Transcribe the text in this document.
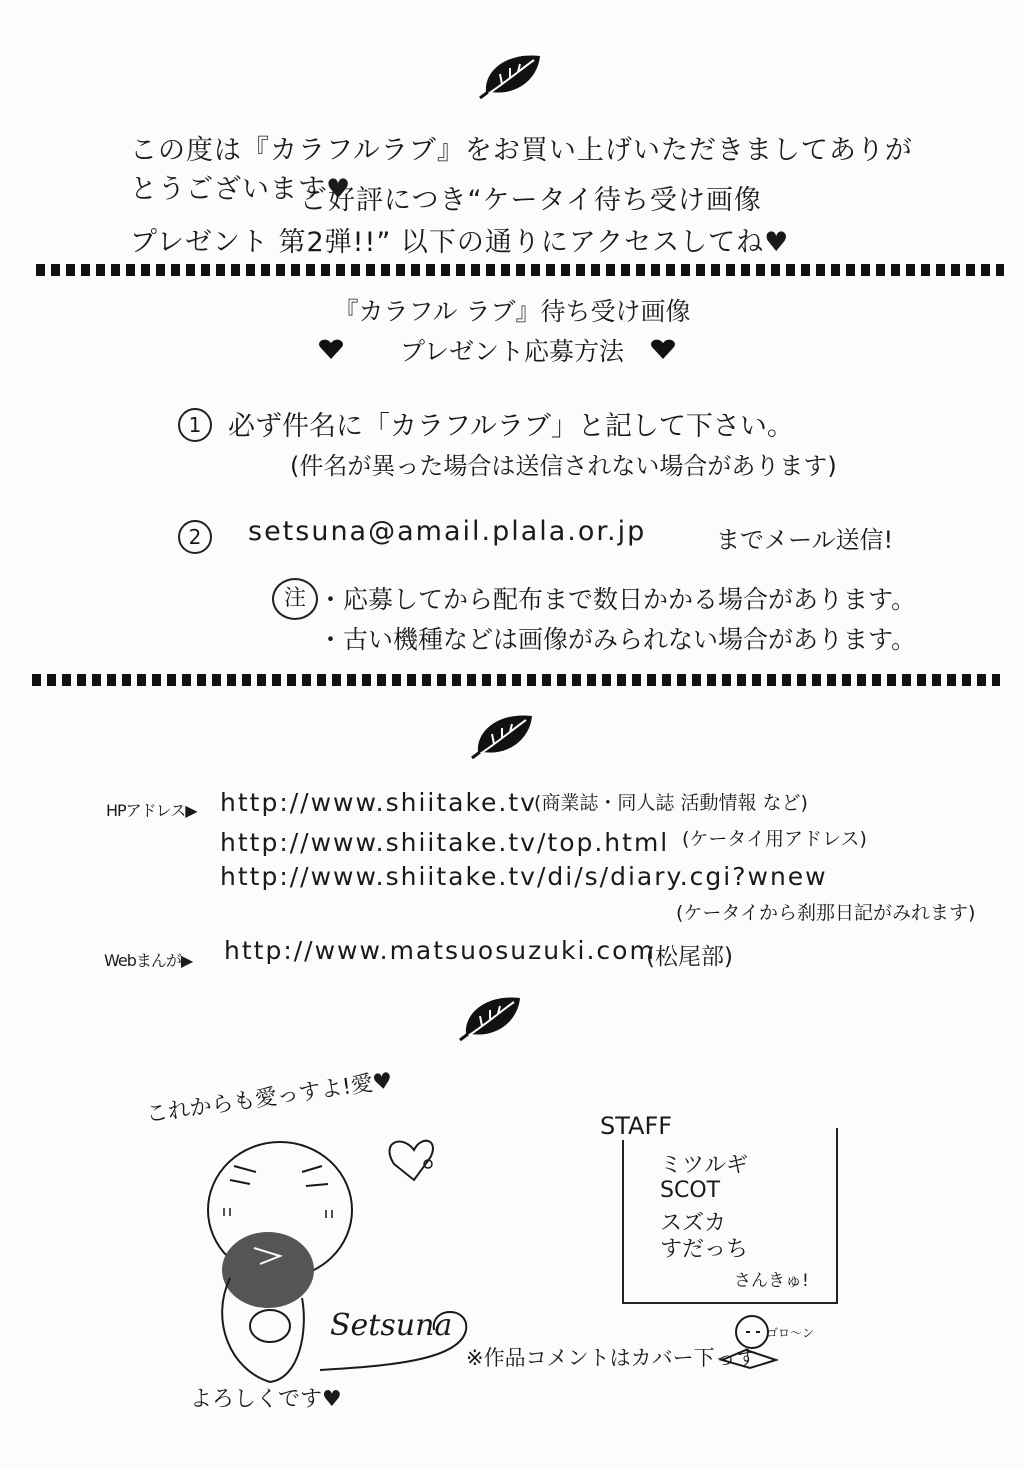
この度は『カラフルラブ』をお買い上げいただきましてありがとうございます♥
ご好評につき“ケータイ待ち受け画像
プレゼント 第2弾!!” 以下の通りにアクセスしてね♥
『カラフル ラブ』待ち受け画像
プレゼント応募方法
1 必ず件名に「カラフルラブ」と記して下さい。
(件名が異った場合は送信されない場合があります)
2	setsuna@amail.plala.or.jp	までメール送信!
注 ・応募してから配布まで数日かかる場合があります。
・古い機種などは画像がみられない場合があります。
HPアドレス▶ http://www.shiitake.tv
(商業誌・同人誌 活動情報 など)
http://www.shiitake.tv/top.html (ケータイ用アドレス)
http://www.shiitake.tv/di/s/diary.cgi?wnew
(ケータイから刹那日記がみれます)
Webまんが▶ http://www.matsuosuzuki.com
(松尾部)
これからも愛っすよ!愛♥
Setsuna
よろしくです♥
STAFF
ミツルギ
SCOT
スズカ
すだっち
さんきゅ!
※作品コメントはカバー下っす
ゴロ〜ン
